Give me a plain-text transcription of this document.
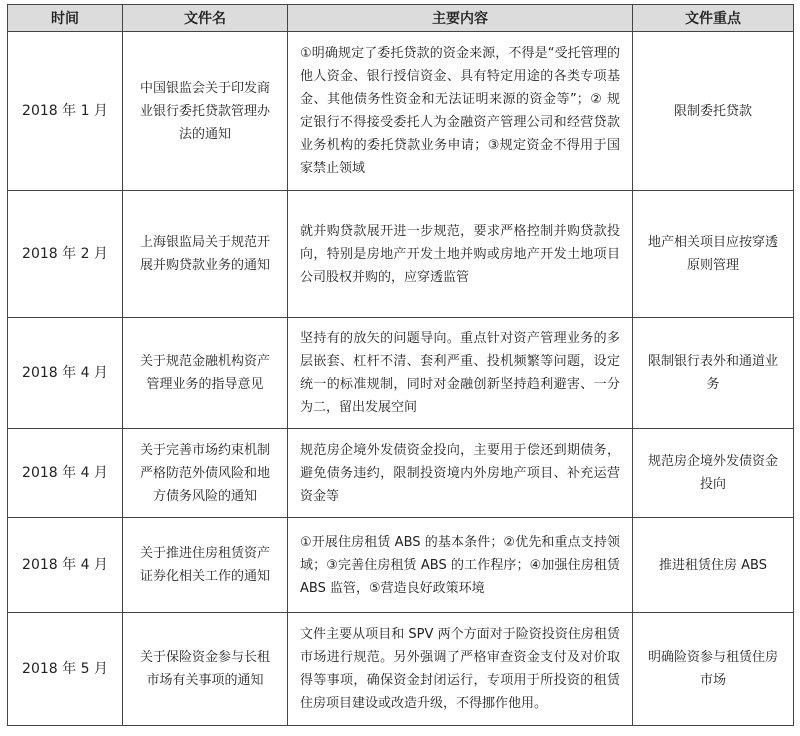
时间	文件名	主要内容	文件重点
2018 年 1 月	中国银监会关于印发商业银行委托贷款管理办法的通知	①明确规定了委托贷款的资金来源，不得是“受托管理的他人资金、银行授信资金、具有特定用途的各类专项基金、其他债务性资金和无法证明来源的资金等”；② 规定银行不得接受委托人为金融资产管理公司和经营贷款业务机构的委托贷款业务申请；③规定资金不得用于国家禁止领域	限制委托贷款
2018 年 2 月	上海银监局关于规范开展并购贷款业务的通知	就并购贷款展开进一步规范，要求严格控制并购贷款投向，特别是房地产开发土地并购或房地产开发土地项目公司股权并购的，应穿透监管	地产相关项目应按穿透原则管理
2018 年 4 月	关于规范金融机构资产管理业务的指导意见	坚持有的放矢的问题导向。重点针对资产管理业务的多层嵌套、杠杆不清、套利严重、投机频繁等问题，设定统一的标准规制，同时对金融创新坚持趋利避害、一分为二，留出发展空间	限制银行表外和通道业务
2018 年 4 月	关于完善市场约束机制严格防范外债风险和地方债务风险的通知	规范房企境外发债资金投向，主要用于偿还到期债务，避免债务违约，限制投资境内外房地产项目、补充运营资金等	规范房企境外发债资金投向
2018 年 4 月	关于推进住房租赁资产证券化相关工作的通知	①开展住房租赁 ABS 的基本条件；②优先和重点支持领域；③完善住房租赁 ABS 的工作程序；④加强住房租赁 ABS 监管，⑤营造良好政策环境	推进租赁住房 ABS
2018 年 5 月	关于保险资金参与长租市场有关事项的通知	文件主要从项目和 SPV 两个方面对于险资投资住房租赁市场进行规范。另外强调了严格审查资金支付及对价取得等事项，确保资金封闭运行，专项用于所投资的租赁住房项目建设或改造升级，不得挪作他用。	明确险资参与租赁住房市场
